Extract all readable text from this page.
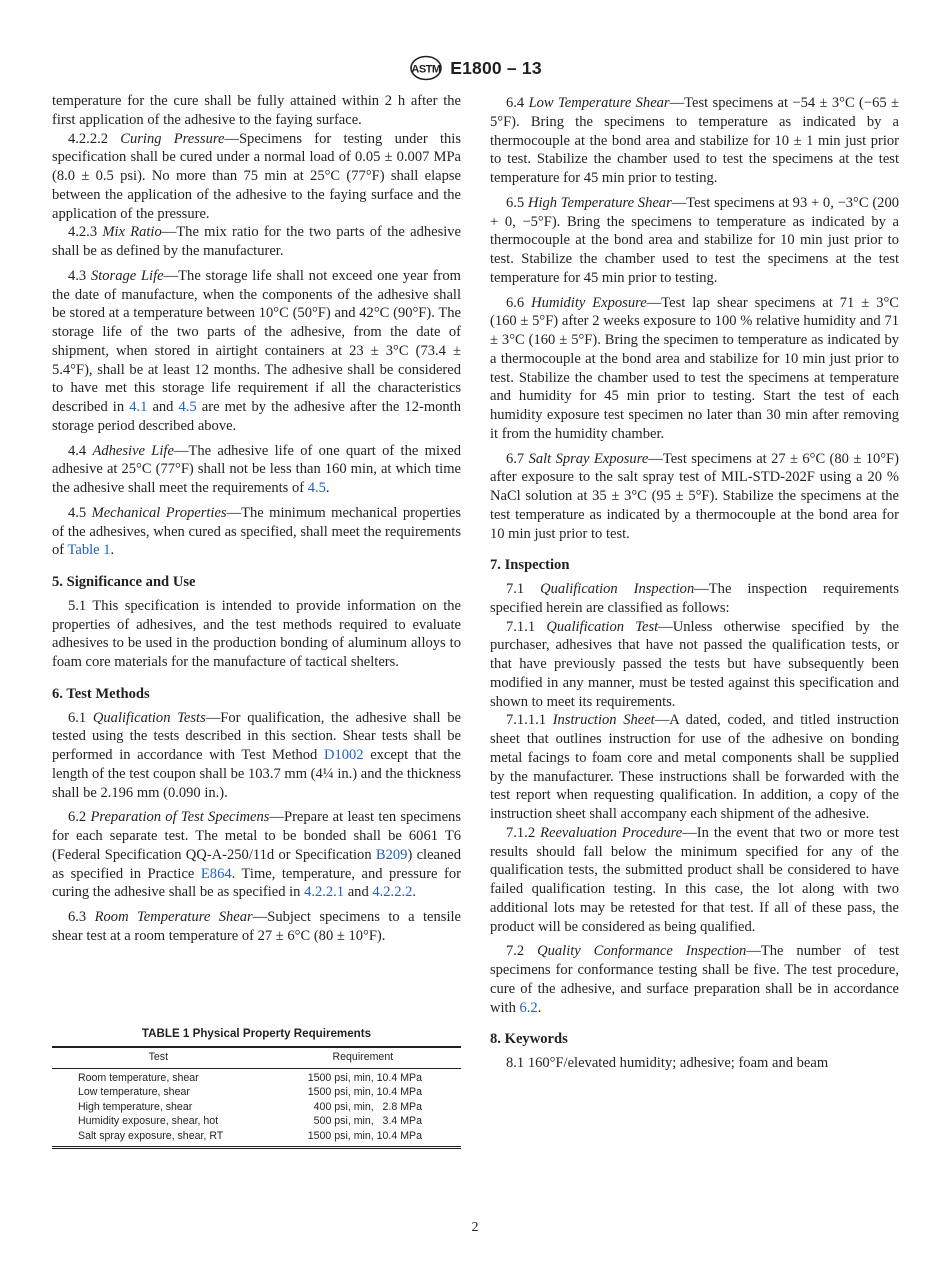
ASTM E1800 – 13

temperature for the cure shall be fully attained within 2 h after the first application of the adhesive to the faying surface.

4.2.2.2 Curing Pressure—Specimens for testing under this specification shall be cured under a normal load of 0.05 ± 0.007 MPa (8.0 ± 0.5 psi). No more than 75 min at 25°C (77°F) shall elapse between the application of the adhesive to the faying surface and the application of the pressure.

4.2.3 Mix Ratio—The mix ratio for the two parts of the adhesive shall be as defined by the manufacturer.

4.3 Storage Life—The storage life shall not exceed one year from the date of manufacture, when the components of the adhesive shall be stored at a temperature between 10°C (50°F) and 42°C (90°F). The storage life of the two parts of the adhesive, from the date of shipment, when stored in airtight containers at 23 ± 3°C (73.4 ± 5.4°F), shall be at least 12 months. The adhesive shall be considered to have met this storage life requirement if all the characteristics described in 4.1 and 4.5 are met by the adhesive after the 12-month storage period described above.

4.4 Adhesive Life—The adhesive life of one quart of the mixed adhesive at 25°C (77°F) shall not be less than 160 min, at which time the adhesive shall meet the requirements of 4.5.

4.5 Mechanical Properties—The minimum mechanical properties of the adhesives, when cured as specified, shall meet the requirements of Table 1.

5. Significance and Use

5.1 This specification is intended to provide information on the properties of adhesives, and the test methods required to evaluate adhesives to be used in the production bonding of aluminum alloys to foam core materials for the manufacture of tactical shelters.

6. Test Methods

6.1 Qualification Tests—For qualification, the adhesive shall be tested using the tests described in this section. Shear tests shall be performed in accordance with Test Method D1002 except that the length of the test coupon shall be 103.7 mm (4¼ in.) and the thickness shall be 2.196 mm (0.090 in.).

6.2 Preparation of Test Specimens—Prepare at least ten specimens for each separate test. The metal to be bonded shall be 6061 T6 (Federal Specification QQ-A-250/11d or Specification B209) cleaned as specified in Practice E864. Time, temperature, and pressure for curing the adhesive shall be as specified in 4.2.2.1 and 4.2.2.2.

6.3 Room Temperature Shear—Subject specimens to a tensile shear test at a room temperature of 27 ± 6°C (80 ± 10°F).

TABLE 1 Physical Property Requirements
Test	Requirement
Room temperature, shear	1500 psi, min, 10.4 MPa
Low temperature, shear	1500 psi, min, 10.4 MPa
High temperature, shear	400 psi, min,   2.8 MPa
Humidity exposure, shear, hot	500 psi, min,   3.4 MPa
Salt spray exposure, shear, RT	1500 psi, min, 10.4 MPa

6.4 Low Temperature Shear—Test specimens at −54 ± 3°C (−65 ± 5°F). Bring the specimens to temperature as indicated by a thermocouple at the bond area and stabilize for 10 ± 1 min just prior to test. Stabilize the chamber used to test the specimens at the test temperature for 45 min prior to testing.

6.5 High Temperature Shear—Test specimens at 93 + 0, −3°C (200 + 0, −5°F). Bring the specimens to temperature as indicated by a thermocouple at the bond area and stabilize for 10 min just prior to test. Stabilize the chamber used to test the specimens at the test temperature for 45 min prior to testing.

6.6 Humidity Exposure—Test lap shear specimens at 71 ± 3°C (160 ± 5°F) after 2 weeks exposure to 100 % relative humidity and 71 ± 3°C (160 ± 5°F). Bring the specimen to temperature as indicated by a thermocouple at the bond area and stabilize for 10 min just prior to test. Stabilize the chamber used to test the specimens at temperature and humidity for 45 min prior to testing. Start the test of each humidity exposure test specimen no later than 30 min after removing it from the humidity chamber.

6.7 Salt Spray Exposure—Test specimens at 27 ± 6°C (80 ± 10°F) after exposure to the salt spray test of MIL-STD-202F using a 20 % NaCl solution at 35 ± 3°C (95 ± 5°F). Stabilize the specimens at the test temperature as indicated by a thermocouple at the bond area for 10 min just prior to test.

7. Inspection

7.1 Qualification Inspection—The inspection requirements specified herein are classified as follows:

7.1.1 Qualification Test—Unless otherwise specified by the purchaser, adhesives that have not passed the qualification tests, or that have previously passed the tests but have subsequently been modified in any manner, must be tested against this specification and shown to meet its requirements.

7.1.1.1 Instruction Sheet—A dated, coded, and titled instruction sheet that outlines instruction for use of the adhesive on bonding metal facings to foam core and metal components shall be supplied by the manufacturer. These instructions shall be forwarded with the test report when requesting qualification. In addition, a copy of the instruction sheet shall accompany each shipment of the adhesive.

7.1.2 Reevaluation Procedure—In the event that two or more test results should fall below the minimum specified for any of the qualification tests, the submitted product shall be considered to have failed qualification testing. In this case, the lot along with two additional lots may be retested for that test. If all of these pass, the product will be considered as being qualified.

7.2 Quality Conformance Inspection—The number of test specimens for conformance testing shall be five. The test procedure, cure of the adhesive, and surface preparation shall be in accordance with 6.2.

8. Keywords

8.1 160°F/elevated humidity; adhesive; foam and beam

2
